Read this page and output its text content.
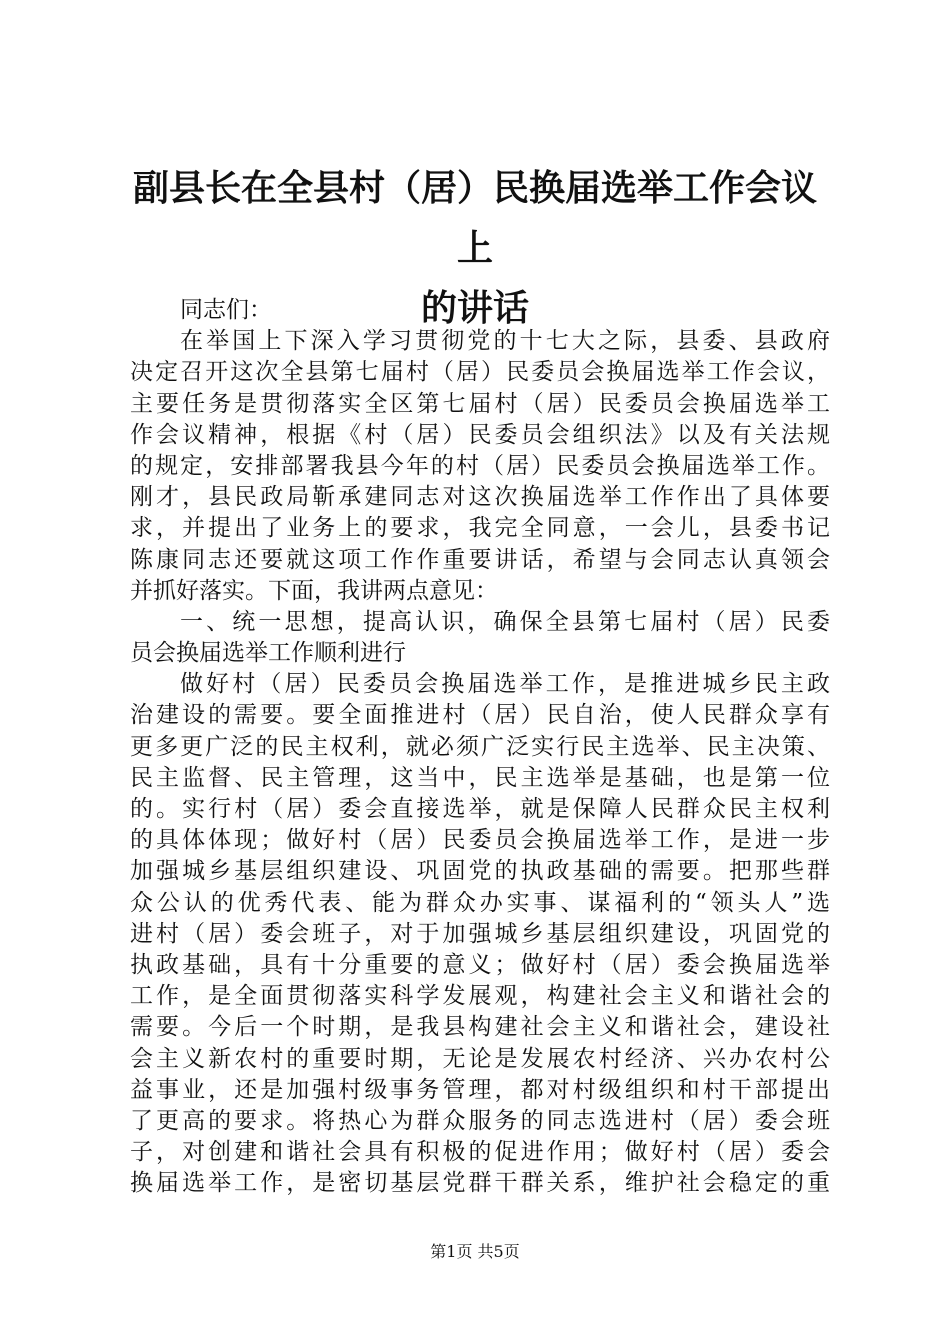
副县长在全县村（居）民换届选举工作会议上
的讲话
同志们：
在举国上下深入学习贯彻党的十七大之际，县委、县政府
决定召开这次全县第七届村（居）民委员会换届选举工作会议，
主要任务是贯彻落实全区第七届村（居）民委员会换届选举工
作会议精神，根据《村（居）民委员会组织法》以及有关法规
的规定，安排部署我县今年的村（居）民委员会换届选举工作。
刚才，县民政局靳承建同志对这次换届选举工作作出了具体要
求，并提出了业务上的要求，我完全同意，一会儿，县委书记
陈康同志还要就这项工作作重要讲话，希望与会同志认真领会
并抓好落实。下面，我讲两点意见：
一、统一思想，提高认识，确保全县第七届村（居）民委
员会换届选举工作顺利进行
做好村（居）民委员会换届选举工作，是推进城乡民主政
治建设的需要。要全面推进村（居）民自治，使人民群众享有
更多更广泛的民主权利，就必须广泛实行民主选举、民主决策、
民主监督、民主管理，这当中，民主选举是基础，也是第一位
的。实行村（居）委会直接选举，就是保障人民群众民主权利
的具体体现；做好村（居）民委员会换届选举工作，是进一步
加强城乡基层组织建设、巩固党的执政基础的需要。把那些群
众公认的优秀代表、能为群众办实事、谋福利的“领头人”选
进村（居）委会班子，对于加强城乡基层组织建设，巩固党的
执政基础，具有十分重要的意义；做好村（居）委会换届选举
工作，是全面贯彻落实科学发展观，构建社会主义和谐社会的
需要。今后一个时期，是我县构建社会主义和谐社会，建设社
会主义新农村的重要时期，无论是发展农村经济、兴办农村公
益事业，还是加强村级事务管理，都对村级组织和村干部提出
了更高的要求。将热心为群众服务的同志选进村（居）委会班
子，对创建和谐社会具有积极的促进作用；做好村（居）委会
换届选举工作，是密切基层党群干群关系，维护社会稳定的重
第1页 共5页
